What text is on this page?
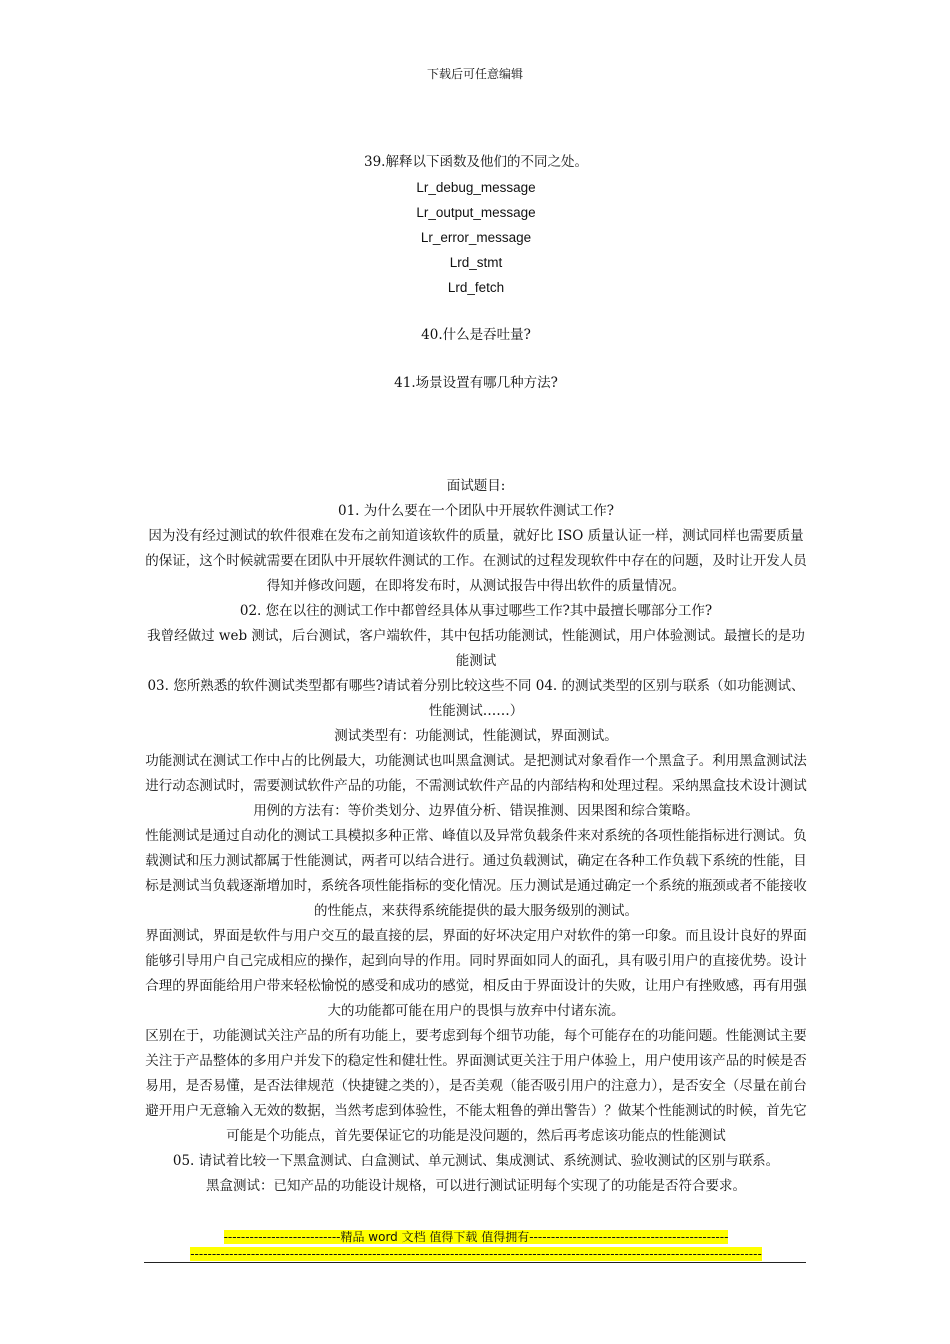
下载后可任意编辑
39.解释以下函数及他们的不同之处。
Lr_debug_message
Lr_output_message
Lr_error_message
Lrd_stmt
Lrd_fetch
40.什么是吞吐量?
41.场景设置有哪几种方法?

面试题目:

01. 为什么要在一个团队中开展软件测试工作?

因为没有经过测试的软件很难在发布之前知道该软件的质量，就好比 ISO 质量认证一样，测试同样也需要质量的保证，这个时候就需要在团队中开展软件测试的工作。在测试的过程发现软件中存在的问题，及时让开发人员得知并修改问题，在即将发布时，从测试报告中得出软件的质量情况。

02. 您在以往的测试工作中都曾经具体从事过哪些工作?其中最擅长哪部分工作?

我曾经做过 web 测试，后台测试，客户端软件，其中包括功能测试，性能测试，用户体验测试。最擅长的是功能测试

03. 您所熟悉的软件测试类型都有哪些?请试着分别比较这些不同 04. 的测试类型的区别与联系（如功能测试、性能测试……）

测试类型有：功能测试，性能测试，界面测试。

功能测试在测试工作中占的比例最大，功能测试也叫黑盒测试。是把测试对象看作一个黑盒子。利用黑盒测试法进行动态测试时，需要测试软件产品的功能，不需测试软件产品的内部结构和处理过程。采纳黑盒技术设计测试用例的方法有：等价类划分、边界值分析、错误推测、因果图和综合策略。

性能测试是通过自动化的测试工具模拟多种正常、峰值以及异常负载条件来对系统的各项性能指标进行测试。负载测试和压力测试都属于性能测试，两者可以结合进行。通过负载测试，确定在各种工作负载下系统的性能，目标是测试当负载逐渐增加时，系统各项性能指标的变化情况。压力测试是通过确定一个系统的瓶颈或者不能接收的性能点，来获得系统能提供的最大服务级别的测试。

界面测试，界面是软件与用户交互的最直接的层，界面的好坏决定用户对软件的第一印象。而且设计良好的界面能够引导用户自己完成相应的操作，起到向导的作用。同时界面如同人的面孔，具有吸引用户的直接优势。设计合理的界面能给用户带来轻松愉悦的感受和成功的感觉，相反由于界面设计的失败，让用户有挫败感，再有用强大的功能都可能在用户的畏惧与放弃中付诸东流。

区别在于，功能测试关注产品的所有功能上，要考虑到每个细节功能，每个可能存在的功能问题。性能测试主要关注于产品整体的多用户并发下的稳定性和健壮性。界面测试更关注于用户体验上，用户使用该产品的时候是否易用，是否易懂，是否法律规范（快捷键之类的），是否美观（能否吸引用户的注意力），是否安全（尽量在前台避开用户无意输入无效的数据，当然考虑到体验性，不能太粗鲁的弹出警告）？做某个性能测试的时候，首先它可能是个功能点，首先要保证它的功能是没问题的，然后再考虑该功能点的性能测试

05. 请试着比较一下黑盒测试、白盒测试、单元测试、集成测试、系统测试、验收测试的区别与联系。

黑盒测试：已知产品的功能设计规格，可以进行测试证明每个实现了的功能是否符合要求。

---------------------------精品 word 文档 值得下载 值得拥有----------------------------------------------
------------------------------------------------------------------------------------------------------------------------------------
